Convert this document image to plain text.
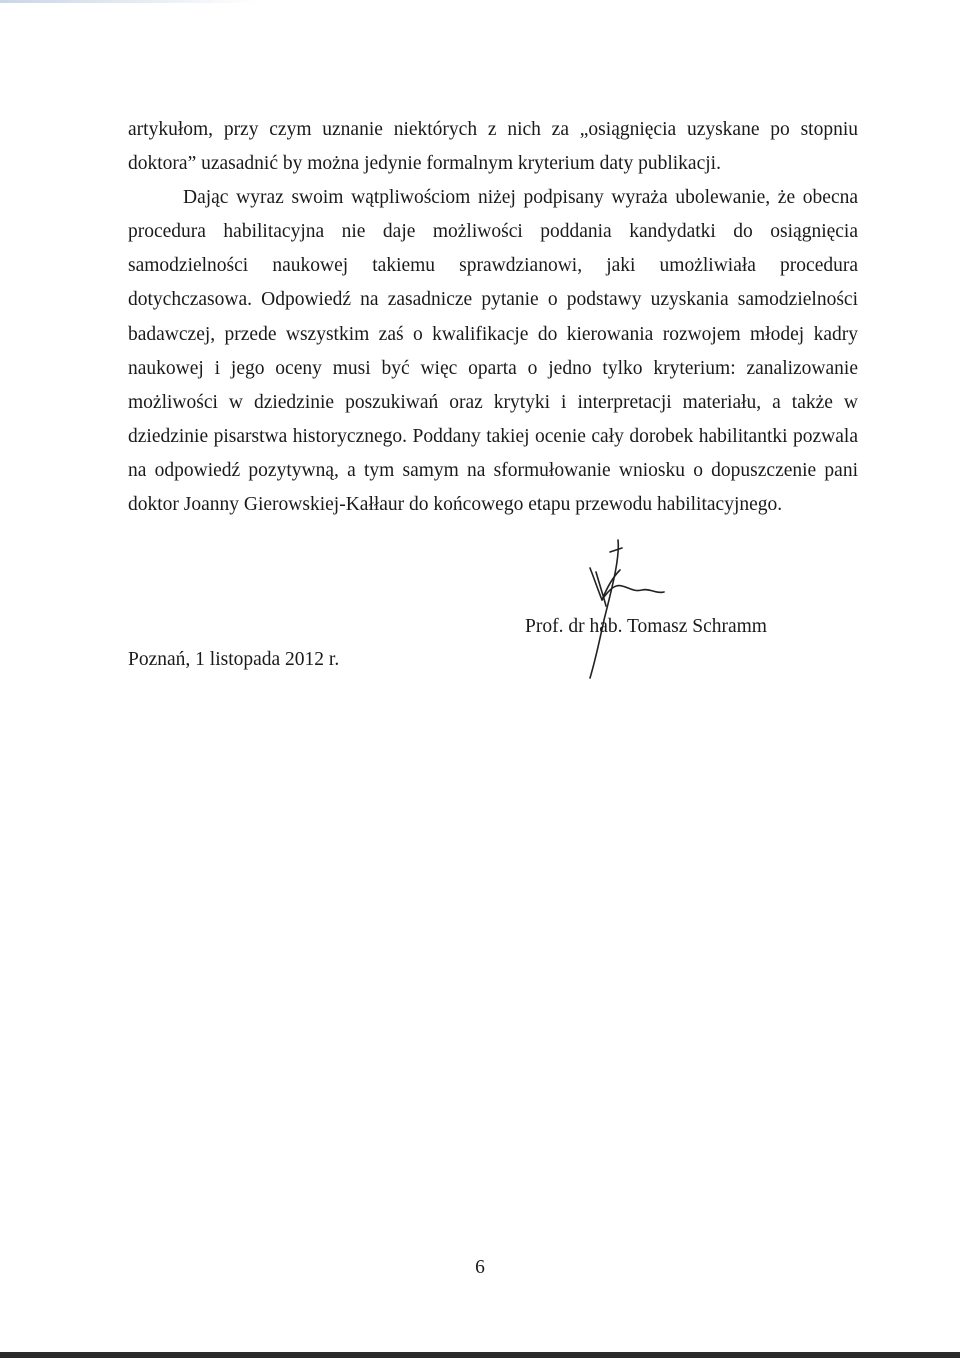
artykułom, przy czym uznanie niektórych z nich za „osiągnięcia uzyskane po stopniu doktora” uzasadnić by można jedynie formalnym kryterium daty publikacji.

Dając wyraz swoim wątpliwościom niżej podpisany wyraża ubolewanie, że obecna procedura habilitacyjna nie daje możliwości poddania kandydatki do osiągnięcia samodzielności naukowej takiemu sprawdzianowi, jaki umożliwiała procedura dotychczasowa. Odpowiedź na zasadnicze pytanie o podstawy uzyskania samodzielności badawczej, przede wszystkim zaś o kwalifikacje do kierowania rozwojem młodej kadry naukowej i jego oceny musi być więc oparta o jedno tylko kryterium: zanalizowanie możliwości w dziedzinie poszukiwań oraz krytyki i interpretacji materiału, a także w dziedzinie pisarstwa historycznego. Poddany takiej ocenie cały dorobek habilitantki pozwala na odpowiedź pozytywną, a tym samym na sformułowanie wniosku o dopuszczenie pani doktor Joanny Gierowskiej-Kałłaur do końcowego etapu przewodu habilitacyjnego.

Prof. dr hab. Tomasz Schramm
Poznań, 1 listopada 2012 r.
6
